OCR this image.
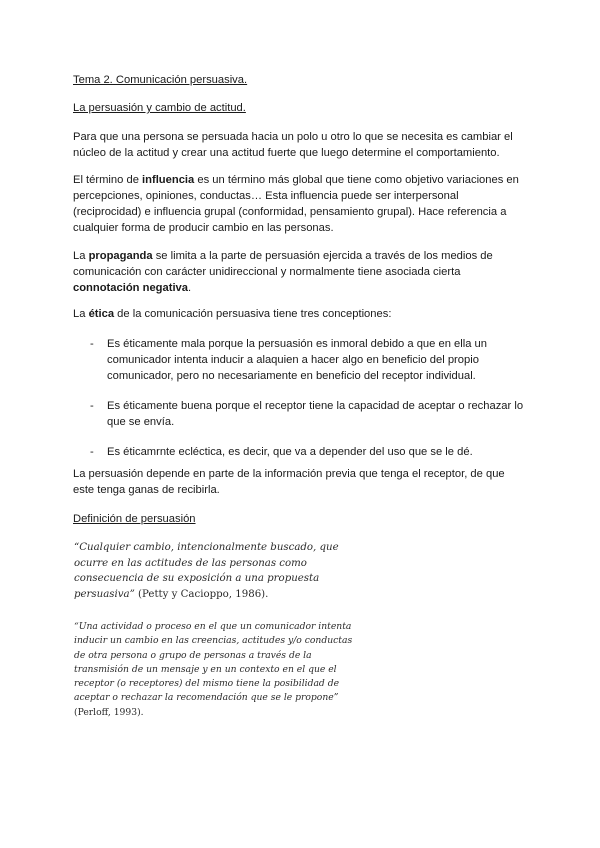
Tema 2. Comunicación persuasiva.
La persuasión y cambio de actitud.
Para que una persona se persuada hacia un polo u otro lo que se necesita es cambiar el núcleo de la actitud y crear una actitud fuerte que luego determine el comportamiento.
El término de influencia es un término más global que tiene como objetivo variaciones en percepciones, opiniones, conductas… Esta influencia puede ser interpersonal (reciprocidad) e influencia grupal (conformidad, pensamiento grupal). Hace referencia a cualquier forma de producir cambio en las personas.
La propaganda se limita a la parte de persuasión ejercida a través de los medios de comunicación con carácter unidireccional y normalmente tiene asociada cierta connotación negativa.
La ética de la comunicación persuasiva tiene tres conceptiones:
- Es éticamente mala porque la persuasión es inmoral debido a que en ella un comunicador intenta inducir a alaquien a hacer algo en beneficio del propio comunicador, pero no necesariamente en beneficio del receptor individual.
- Es éticamente buena porque el receptor tiene la capacidad de aceptar o rechazar lo que se envía.
- Es éticamrnte ecléctica, es decir, que va a depender del uso que se le dé.
La persuasión depende en parte de la información previa que tenga el receptor, de que este tenga ganas de recibirla.
Definición de persuasión
“Cualquier cambio, intencionalmente buscado, que ocurre en las actitudes de las personas como consecuencia de su exposición a una propuesta persuasiva” (Petty y Cacioppo, 1986).
“Una actividad o proceso en el que un comunicador intenta inducir un cambio en las creencias, actitudes y/o conductas de otra persona o grupo de personas a través de la transmisión de un mensaje y en un contexto en el que el receptor (o receptores) del mismo tiene la posibilidad de aceptar o rechazar la recomendación que se le propone” (Perloff, 1993).
